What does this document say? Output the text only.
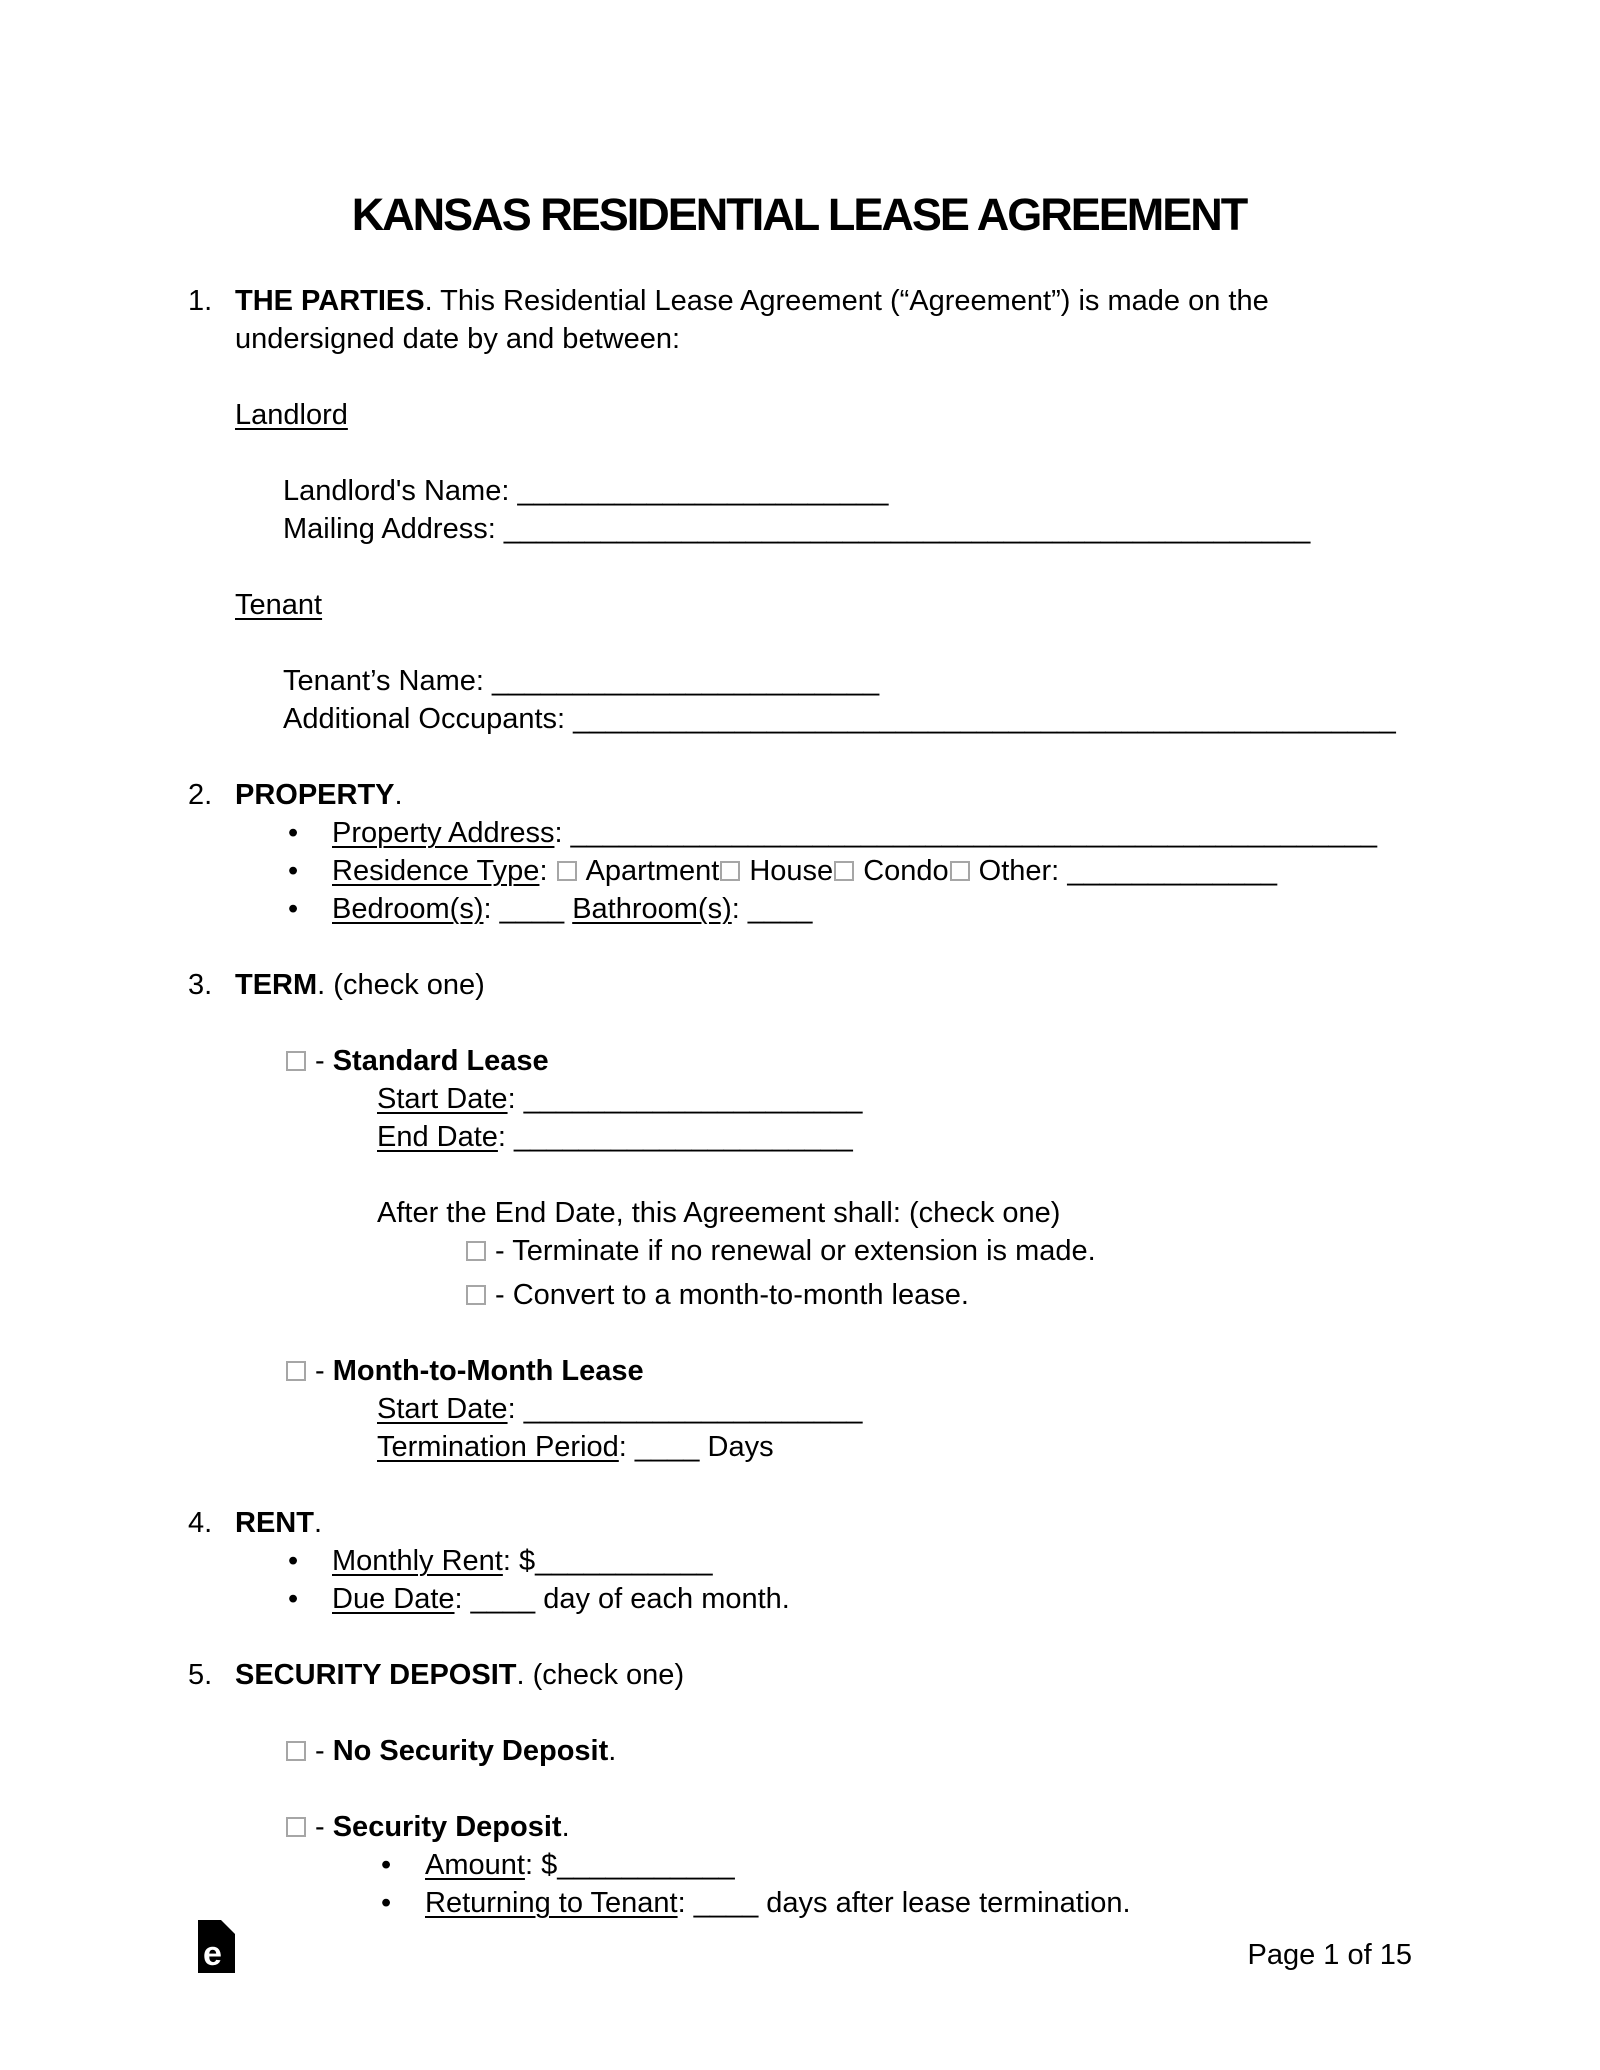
KANSAS RESIDENTIAL LEASE AGREEMENT
1. THE PARTIES. This Residential Lease Agreement (“Agreement”) is made on the

undersigned date by and between:

Landlord

Landlord's Name: _______________________

Mailing Address: __________________________________________________

Tenant

Tenant’s Name: ________________________

Additional Occupants: ___________________________________________________

2. PROPERTY.

• Property Address: __________________________________________________
• Residence Type: Apartment House Condo Other: _____________
• Bedroom(s): ____ Bathroom(s): ____
3. TERM. (check one)

- Standard Lease

Start Date: _____________________

End Date: _____________________

After the End Date, this Agreement shall: (check one)

- Terminate if no renewal or extension is made.

- Convert to a month-to-month lease.

- Month-to-Month Lease

Start Date: _____________________

Termination Period: ____ Days

4. RENT.

• Monthly Rent: $___________
• Due Date: ____ day of each month.
5. SECURITY DEPOSIT. (check one)

- No Security Deposit.

- Security Deposit.

• Amount: $___________
• Returning to Tenant: ____ days after lease termination.
e	Page 1 of 15
